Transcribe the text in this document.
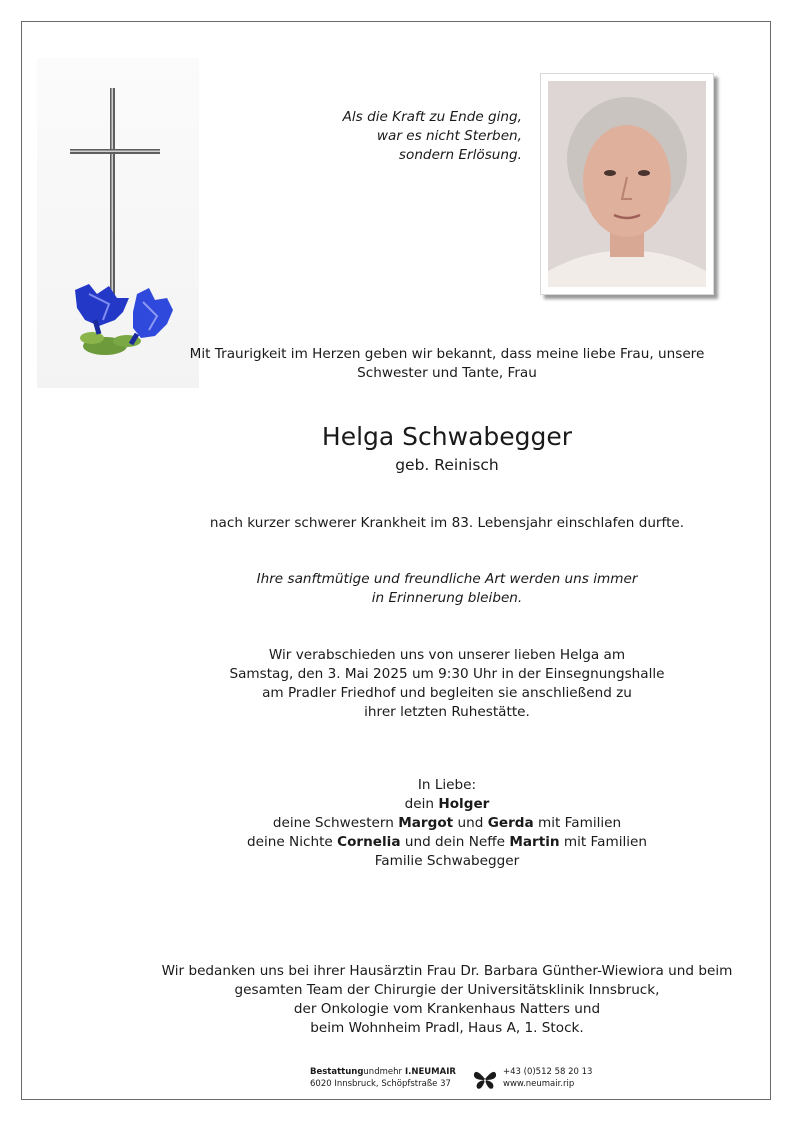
Als die Kraft zu Ende ging,
war es nicht Sterben,
sondern Erlösung.
Mit Traurigkeit im Herzen geben wir bekannt, dass meine liebe Frau, unsere
Schwester und Tante, Frau
Helga Schwabegger
geb. Reinisch
nach kurzer schwerer Krankheit im 83. Lebensjahr einschlafen durfte.
Ihre sanftmütige und freundliche Art werden uns immer
in Erinnerung bleiben.
Wir verabschieden uns von unserer lieben Helga am
Samstag, den 3. Mai 2025 um 9:30 Uhr in der Einsegnungshalle
am Pradler Friedhof und begleiten sie anschließend zu
ihrer letzten Ruhestätte.
In Liebe:
dein Holger
deine Schwestern Margot und Gerda mit Familien
deine Nichte Cornelia und dein Neffe Martin mit Familien
Familie Schwabegger
Wir bedanken uns bei ihrer Hausärztin Frau Dr. Barbara Günther-Wiewiora und beim
gesamten Team der Chirurgie der Universitätsklinik Innsbruck,
der Onkologie vom Krankenhaus Natters und
beim Wohnheim Pradl, Haus A, 1. Stock.
Bestattungundmehr I.NEUMAIR
6020 Innsbruck, Schöpfstraße 37
+43 (0)512 58 20 13
www.neumair.rip
